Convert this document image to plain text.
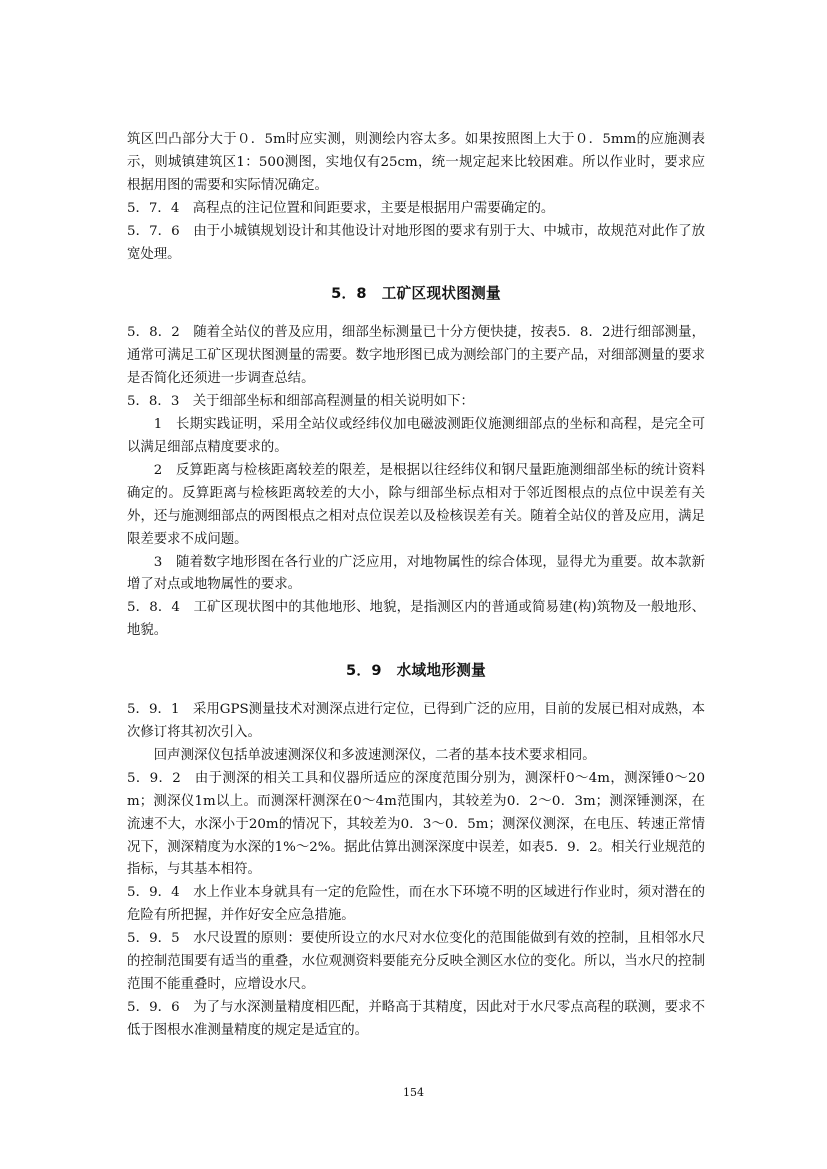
筑区凹凸部分大于０．5m时应实测，则测绘内容太多。如果按照图上大于０．5mm的应施测表示，则城镇建筑区1：500测图，实地仅有25cm，统一规定起来比较困难。所以作业时，要求应根据用图的需要和实际情况确定。

5．7．4　高程点的注记位置和间距要求，主要是根据用户需要确定的。

5．7．6　由于小城镇规划设计和其他设计对地形图的要求有别于大、中城市，故规范对此作了放宽处理。

5．8　工矿区现状图测量

5．8．2　随着全站仪的普及应用，细部坐标测量已十分方便快捷，按表5．8．2进行细部测量，通常可满足工矿区现状图测量的需要。数字地形图已成为测绘部门的主要产品，对细部测量的要求是否简化还须进一步调查总结。

5．8．3　关于细部坐标和细部高程测量的相关说明如下：

1　长期实践证明，采用全站仪或经纬仪加电磁波测距仪施测细部点的坐标和高程，是完全可以满足细部点精度要求的。

2　反算距离与检核距离较差的限差，是根据以往经纬仪和钢尺量距施测细部坐标的统计资料确定的。反算距离与检核距离较差的大小，除与细部坐标点相对于邻近图根点的点位中误差有关外，还与施测细部点的两图根点之相对点位误差以及检核误差有关。随着全站仪的普及应用，满足限差要求不成问题。

3　随着数字地形图在各行业的广泛应用，对地物属性的综合体现，显得尤为重要。故本款新增了对点或地物属性的要求。

5．8．4　工矿区现状图中的其他地形、地貌，是指测区内的普通或简易建(构)筑物及一般地形、地貌。

5．9　水域地形测量

5．9．1　采用GPS测量技术对测深点进行定位，已得到广泛的应用，目前的发展已相对成熟，本次修订将其初次引入。

回声测深仪包括单波速测深仪和多波速测深仪，二者的基本技术要求相同。

5．9．2　由于测深的相关工具和仪器所适应的深度范围分别为，测深杆0～4m，测深锤0～20m；测深仪1m以上。而测深杆测深在0～4m范围内，其较差为0．2～0．3m；测深锤测深，在流速不大，水深小于20m的情况下，其较差为0．3～0．5m；测深仪测深，在电压、转速正常情况下，测深精度为水深的1%～2%。据此估算出测深深度中误差，如表5．9．2。相关行业规范的指标，与其基本相符。

5．9．4　水上作业本身就具有一定的危险性，而在水下环境不明的区域进行作业时，须对潜在的危险有所把握，并作好安全应急措施。

5．9．5　水尺设置的原则：要使所设立的水尺对水位变化的范围能做到有效的控制，且相邻水尺的控制范围要有适当的重叠，水位观测资料要能充分反映全测区水位的变化。所以，当水尺的控制范围不能重叠时，应增设水尺。

5．9．6　为了与水深测量精度相匹配，并略高于其精度，因此对于水尺零点高程的联测，要求不低于图根水准测量精度的规定是适宜的。

154
